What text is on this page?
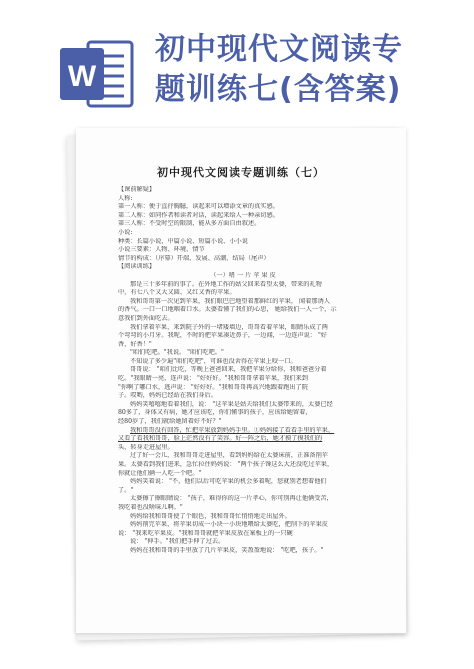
W
初中现代文阅读专
题训练七(含答案)
初中现代文阅读专题训练（七）
【课前解疑】
人称:
第一人称：便于直抒胸臆，读起来可以增添文章的真实感。
第二人称：如同作者和读者对话，读起来给人一种亲切感。
第三人称：不受时空的限制，能从多方面自由叙述。
小说:
种类：长篇小说、中篇小说、短篇小说、小小说
小说三要素：人物、环境、情节
情节的构成：（序幕）开端、发展、高潮、结局（尾声）
【阅读训练】
（一）嗜 一 片 苹 果 皮
那是三十多年前的事了。在外地工作的姑父回来看望太婆，带来的礼物
中，有七八个又大又圆、又红又香的苹果。
我和哥哥第一次见到苹果，我们眼巴巴地望着那鲜红的苹果， 闻着那诱人
的香气。一口一口地咽着口水。太婆看懂了我们的心思， 她给我们一人一个，示
意我们到外面吃去。
我们拿着苹果，来到院子外的一堵矮墙边，哥哥看着苹果，眼睛乐成了两
个弯弯的小月牙。我呢，不时的把苹果凑近鼻子，一边闻，一边连声说： "好
香，好香！"
"咱们吃吧。"我说。 "咱们吃吧。"
不知说了多少遍"咱们吃吧"，可谁也没舍得在苹果上咬一口。
哥哥说： "咱们比吃，等晚上爸爸回来，我把苹果分给你，我和爸爸分着
吃。"我眼睛一亮，连声说： "好好好。"我和哥哥拿着苹果，我们来到
"你啊了哪口水，逃声说： "好好好。"我和哥哥再高兴地跟着跑出了院
子。哎哟，妈妈已经站在我们身后。
妈妈笑嘻嘻地看着我们，说： "这苹果是姑夫给我们太婆带来的，太婆已经
80多了，身体又有病，她才应该吃，你们懂事的孩子，应该给她留着，
经80岁了，我们就给她留着好不好？"
我和哥哥没有回答，忙把苹果放到妈妈手里。①妈妈接了看看手里的苹果，
又看了看我和哥哥，脸上茫然没有了笑容。好一阵之后，她才摸了摸我们的
头，转身走进屋里。
过了好一会儿，我和哥哥走进屋里，看到妈妈给在太婆床前，正准备削苹
果。太婆看到我们进来，急忙拉住妈妈说： "两个孩子馋这么大还没吃过苹果，
你就让他们俩一人吃一个吧。"
妈妈笑着说： "不，他们以后可吃苹果的机会多着呢，您就别老想着他们
了。"
太婆擦了擦眼睛说： "孩子，难得你的这一片孝心，你可别再让他俩受苦，
我吃着也没啥味儿啊。"
妈妈给我和哥哥使了个眼色，我和哥哥忙悄悄地走出屋外。
妈妈削完苹果，将苹果切成一小块一小块地喂给太婆吃，把削下的苹果皮
说： "我来吃苹果皮。"我和哥哥就把苹果皮放在案板上的一只碗
说： "伸手。"我们把手伸了过去。
妈妈在我和哥哥的手里放了几片苹果皮，笑盈盈地说： "吃吧，孩子。"
